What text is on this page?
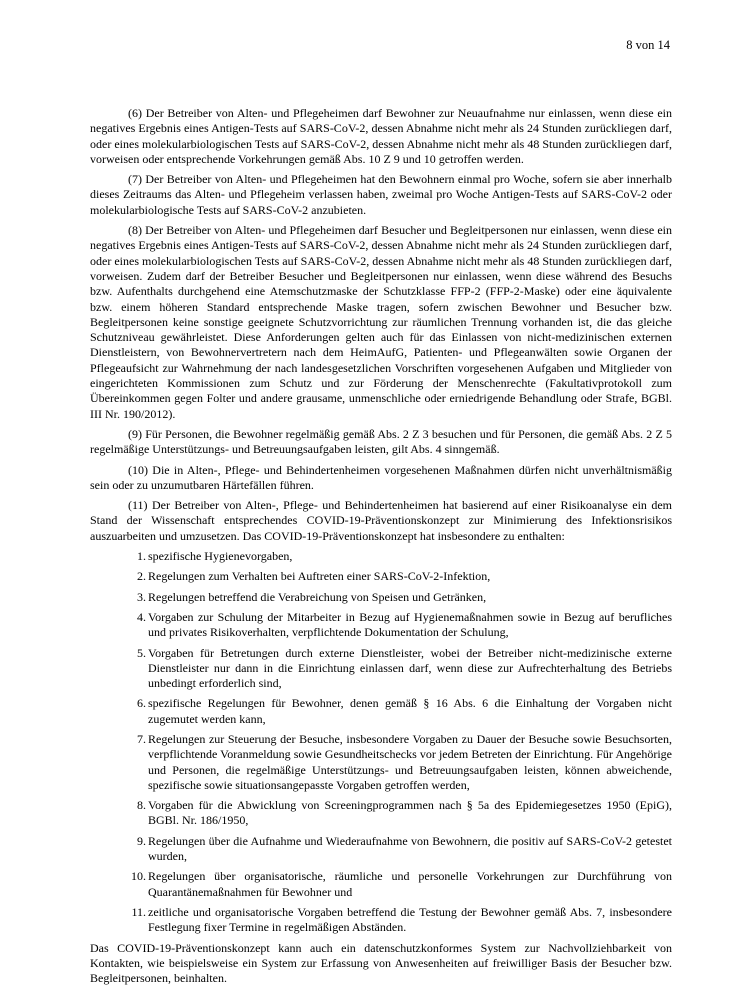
8 von 14

(6) Der Betreiber von Alten- und Pflegeheimen darf Bewohner zur Neuaufnahme nur einlassen, wenn diese ein negatives Ergebnis eines Antigen-Tests auf SARS-CoV-2, dessen Abnahme nicht mehr als 24 Stunden zurückliegen darf, oder eines molekularbiologischen Tests auf SARS-CoV-2, dessen Abnahme nicht mehr als 48 Stunden zurückliegen darf, vorweisen oder entsprechende Vorkehrungen gemäß Abs. 10 Z 9 und 10 getroffen werden.

(7) Der Betreiber von Alten- und Pflegeheimen hat den Bewohnern einmal pro Woche, sofern sie aber innerhalb dieses Zeitraums das Alten- und Pflegeheim verlassen haben, zweimal pro Woche Antigen-Tests auf SARS-CoV-2 oder molekularbiologische Tests auf SARS-CoV-2 anzubieten.

(8) Der Betreiber von Alten- und Pflegeheimen darf Besucher und Begleitpersonen nur einlassen, wenn diese ein negatives Ergebnis eines Antigen-Tests auf SARS-CoV-2, dessen Abnahme nicht mehr als 24 Stunden zurückliegen darf, oder eines molekularbiologischen Tests auf SARS-CoV-2, dessen Abnahme nicht mehr als 48 Stunden zurückliegen darf, vorweisen. Zudem darf der Betreiber Besucher und Begleitpersonen nur einlassen, wenn diese während des Besuchs bzw. Aufenthalts durchgehend eine Atemschutzmaske der Schutzklasse FFP-2 (FFP-2-Maske) oder eine äquivalente bzw. einem höheren Standard entsprechende Maske tragen, sofern zwischen Bewohner und Besucher bzw. Begleitpersonen keine sonstige geeignete Schutzvorrichtung zur räumlichen Trennung vorhanden ist, die das gleiche Schutzniveau gewährleistet. Diese Anforderungen gelten auch für das Einlassen von nicht-medizinischen externen Dienstleistern, von Bewohnervertretern nach dem HeimAufG, Patienten- und Pflegeanwälten sowie Organen der Pflegeaufsicht zur Wahrnehmung der nach landesgesetzlichen Vorschriften vorgesehenen Aufgaben und Mitglieder von eingerichteten Kommissionen zum Schutz und zur Förderung der Menschenrechte (Fakultativprotokoll zum Übereinkommen gegen Folter und andere grausame, unmenschliche oder erniedrigende Behandlung oder Strafe, BGBl. III Nr. 190/2012).

(9) Für Personen, die Bewohner regelmäßig gemäß Abs. 2 Z 3 besuchen und für Personen, die gemäß Abs. 2 Z 5 regelmäßige Unterstützungs- und Betreuungsaufgaben leisten, gilt Abs. 4 sinngemäß.

(10) Die in Alten-, Pflege- und Behindertenheimen vorgesehenen Maßnahmen dürfen nicht unverhältnismäßig sein oder zu unzumutbaren Härtefällen führen.

(11) Der Betreiber von Alten-, Pflege- und Behindertenheimen hat basierend auf einer Risikoanalyse ein dem Stand der Wissenschaft entsprechendes COVID-19-Präventionskonzept zur Minimierung des Infektionsrisikos auszuarbeiten und umzusetzen. Das COVID-19-Präventionskonzept hat insbesondere zu enthalten:

1. spezifische Hygienevorgaben,
2. Regelungen zum Verhalten bei Auftreten einer SARS-CoV-2-Infektion,
3. Regelungen betreffend die Verabreichung von Speisen und Getränken,
4. Vorgaben zur Schulung der Mitarbeiter in Bezug auf Hygienemaßnahmen sowie in Bezug auf berufliches und privates Risikoverhalten, verpflichtende Dokumentation der Schulung,
5. Vorgaben für Betretungen durch externe Dienstleister, wobei der Betreiber nicht-medizinische externe Dienstleister nur dann in die Einrichtung einlassen darf, wenn diese zur Aufrechterhaltung des Betriebs unbedingt erforderlich sind,
6. spezifische Regelungen für Bewohner, denen gemäß § 16 Abs. 6 die Einhaltung der Vorgaben nicht zugemutet werden kann,
7. Regelungen zur Steuerung der Besuche, insbesondere Vorgaben zu Dauer der Besuche sowie Besuchsorten, verpflichtende Voranmeldung sowie Gesundheitschecks vor jedem Betreten der Einrichtung. Für Angehörige und Personen, die regelmäßige Unterstützungs- und Betreuungsaufgaben leisten, können abweichende, spezifische sowie situationsangepasste Vorgaben getroffen werden,
8. Vorgaben für die Abwicklung von Screeningprogrammen nach § 5a des Epidemiegesetzes 1950 (EpiG), BGBl. Nr. 186/1950,
9. Regelungen über die Aufnahme und Wiederaufnahme von Bewohnern, die positiv auf SARS-CoV-2 getestet wurden,
10. Regelungen über organisatorische, räumliche und personelle Vorkehrungen zur Durchführung von Quarantänemaßnahmen für Bewohner und
11. zeitliche und organisatorische Vorgaben betreffend die Testung der Bewohner gemäß Abs. 7, insbesondere Festlegung fixer Termine in regelmäßigen Abständen.

Das COVID-19-Präventionskonzept kann auch ein datenschutzkonformes System zur Nachvollziehbarkeit von Kontakten, wie beispielsweise ein System zur Erfassung von Anwesenheiten auf freiwilliger Basis der Besucher bzw. Begleitpersonen, beinhalten.
